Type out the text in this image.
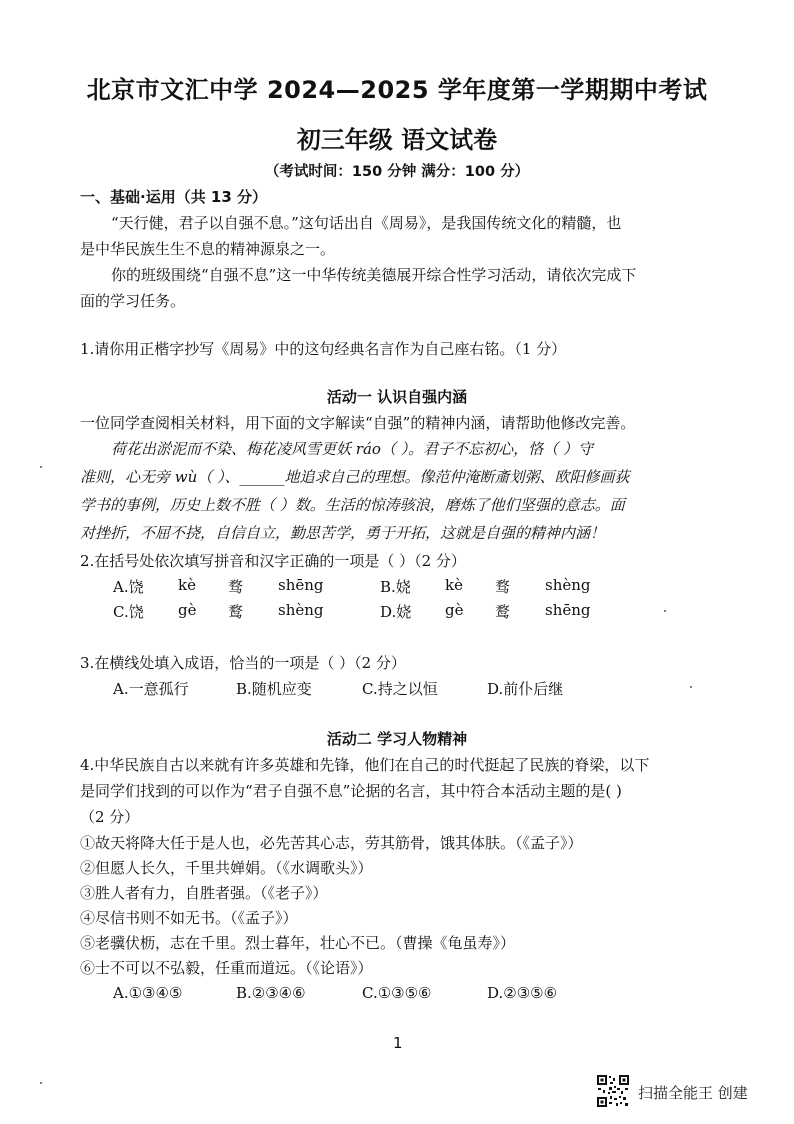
北京市文汇中学 2024—2025 学年度第一学期期中考试
初三年级 语文试卷
（考试时间：150 分钟 满分：100 分）
一、基础·运用（共 13 分）
“天行健，君子以自强不息。”这句话出自《周易》，是我国传统文化的精髓，也
是中华民族生生不息的精神源泉之一。
你的班级围绕“自强不息”这一中华传统美德展开综合性学习活动，请依次完成下
面的学习任务。
1.请你用正楷字抄写《周易》中的这句经典名言作为自己座右铭。（1 分）
活动一 认识自强内涵
一位同学查阅相关材料，用下面的文字解读“自强”的精神内涵，请帮助他修改完善。
荷花出淤泥而不染、梅花凌风雪更妖 ráo（ ）。君子不忘初心，恪（ ）守
准则，心无旁 wù（ ）、______地追求自己的理想。像范仲淹断齑划粥、欧阳修画荻
学书的事例，历史上数不胜（ ）数。生活的惊涛骇浪，磨炼了他们坚强的意志。面
对挫折，不屈不挠，自信自立，勤思苦学，勇于开拓，这就是自强的精神内涵！
2.在括号处依次填写拼音和汉字正确的一项是（ ）（2 分）
A.饶 kè 骛 shēng	B.娆 kè 骛 shèng
C.饶 gè 鹜 shèng	D.娆 gè 鹜 shēng
3.在横线处填入成语，恰当的一项是（ ）（2 分）
A.一意孤行	B.随机应变	C.持之以恒	D.前仆后继
活动二 学习人物精神
4.中华民族自古以来就有许多英雄和先锋，他们在自己的时代挺起了民族的脊梁，以下
是同学们找到的可以作为“君子自强不息”论据的名言，其中符合本活动主题的是( )
（2 分）
①故天将降大任于是人也，必先苦其心志，劳其筋骨，饿其体肤。（《孟子》）
②但愿人长久，千里共婵娟。（《水调歌头》）
③胜人者有力，自胜者强。（《老子》）
④尽信书则不如无书。（《孟子》）
⑤老骥伏枥，志在千里。烈士暮年，壮心不已。（曹操《龟虽寿》）
⑥士不可以不弘毅，任重而道远。（《论语》）
A.①③④⑤	B.②③④⑥	C.①③⑤⑥	D.②③⑤⑥
1
扫描全能王 创建
